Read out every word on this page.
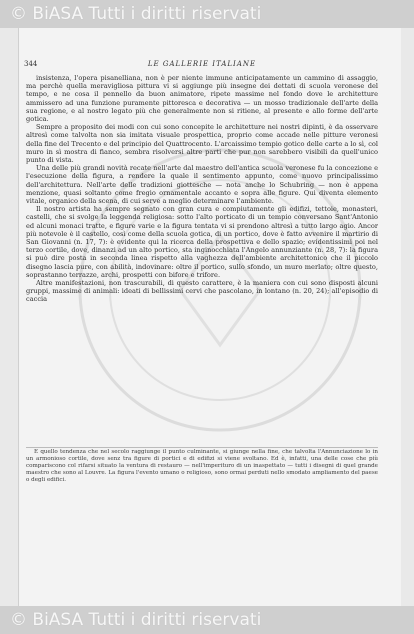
© BiASA Tutti i diritti riservati
344	LE GALLERIE ITALIANE

insistenza, l'opera pisanelliana, non è per niente immune anticipatamente un cammino di assaggio, ma perchè quella meravigliosa pittura vi si aggiunge più insegne dei dettati di scuola veronese del tempo, e ne cosa il pennello da buon animatore, ripete massime nel fondo dove le architetture ammissero ad una funzione puramente pittoresca e decorativa — un mosso tradizionale dell'arte della sua regione, e al nostro legato più che generalmente non si ritiene, al presente e allo forme dell'arte gotica.

Sempre a proposito dei modi con cui sono concepite le architetture nei nostri dipinti, è da osservare altresì come talvolta non sia imitata visuale prospettica, proprio come accade nelle pitture veronesi della fine del Trecento e del principio del Quattrocento. L'arcaissimo tempio gotico delle carte a lo sì, col muro in sì mostra di fianco, sembra risolversi altre parti che pur non sarebbero visibili da quell'unico punto di vista.

Una delle più grandi novità recate nell'arte dal maestro dell'antica scuola veronese fu la concezione e l'esecuzione della figura, a rendere la quale il sentimento appunto, come nuovo principalissimo dell'architettura. Nell'arte delle tradizioni giottesche — nota anche lo Schubring — non è appena menzione, quasi soltanto come fregio ornamentale accanto e sopra alle figure. Qui diventa elemento vitale, organico della scena, di cui serve a meglio determinare l'ambiente.

Il nostro artista ha sempre segnato con gran cura e compiutamente gli edifizi, tettoie, monasteri, castelli, che si svolge la leggenda religiosa: sotto l'alto porticato di un tempio conversano Sant'Antonio ed alcuni monaci tratte, e figure varie e la figura tentata vi si prendono altresì a tutto largo agio. Ancor più notevole è il castello, così come della scuola gotica, di un portico, dove è fatto avvenire il martirio di San Giovanni (n. 17, 7): è evidente qui la ricerca della prospettiva e dello spazio; evidentissimi poi nel terzo cortile, dove, dinanzi ad un alto portico, sta inginocchiata l'Angelo annunziante (n. 28, 7): la figura si può dire posta in seconda linea rispetto alla vaghezza dell'ambiente architettonico che il piccolo disegno lascia pure, con abilità, indovinare: oltre il portico, sullo sfondo, un muro merlato; oltre questo, soprastanno terrazze, archi, prospetti con bifore e trifore.

Altre manifestazioni, non trascurabili, di questo carattere, è la maniera con cui sono disposti alcuni gruppi, massime di animali: ideati di bellissimi cervi che pascolano, in lontano (n. 20, 24); all'episodio di caccia

È quello tendenza che nel secolo raggiunge il punto culminante, si giunge nella fine, che talvolta l'Annunciazione lo in un armonioso cortile, dove senz tra figure di portici e di edifizi si viene svoltano. Ed è, infatti, una delle cose che più compariscono col rifarsi situato la ventura di restauro — nell'imperituro di un inaspettato — tutti i disegni di quel grande maestro che sono al Louvre. La figura l'evento umano o religioso, sono ormai perduti nello smodato ampliamento del paese o degli edifici.

© BiASA Tutti i diritti riservati
